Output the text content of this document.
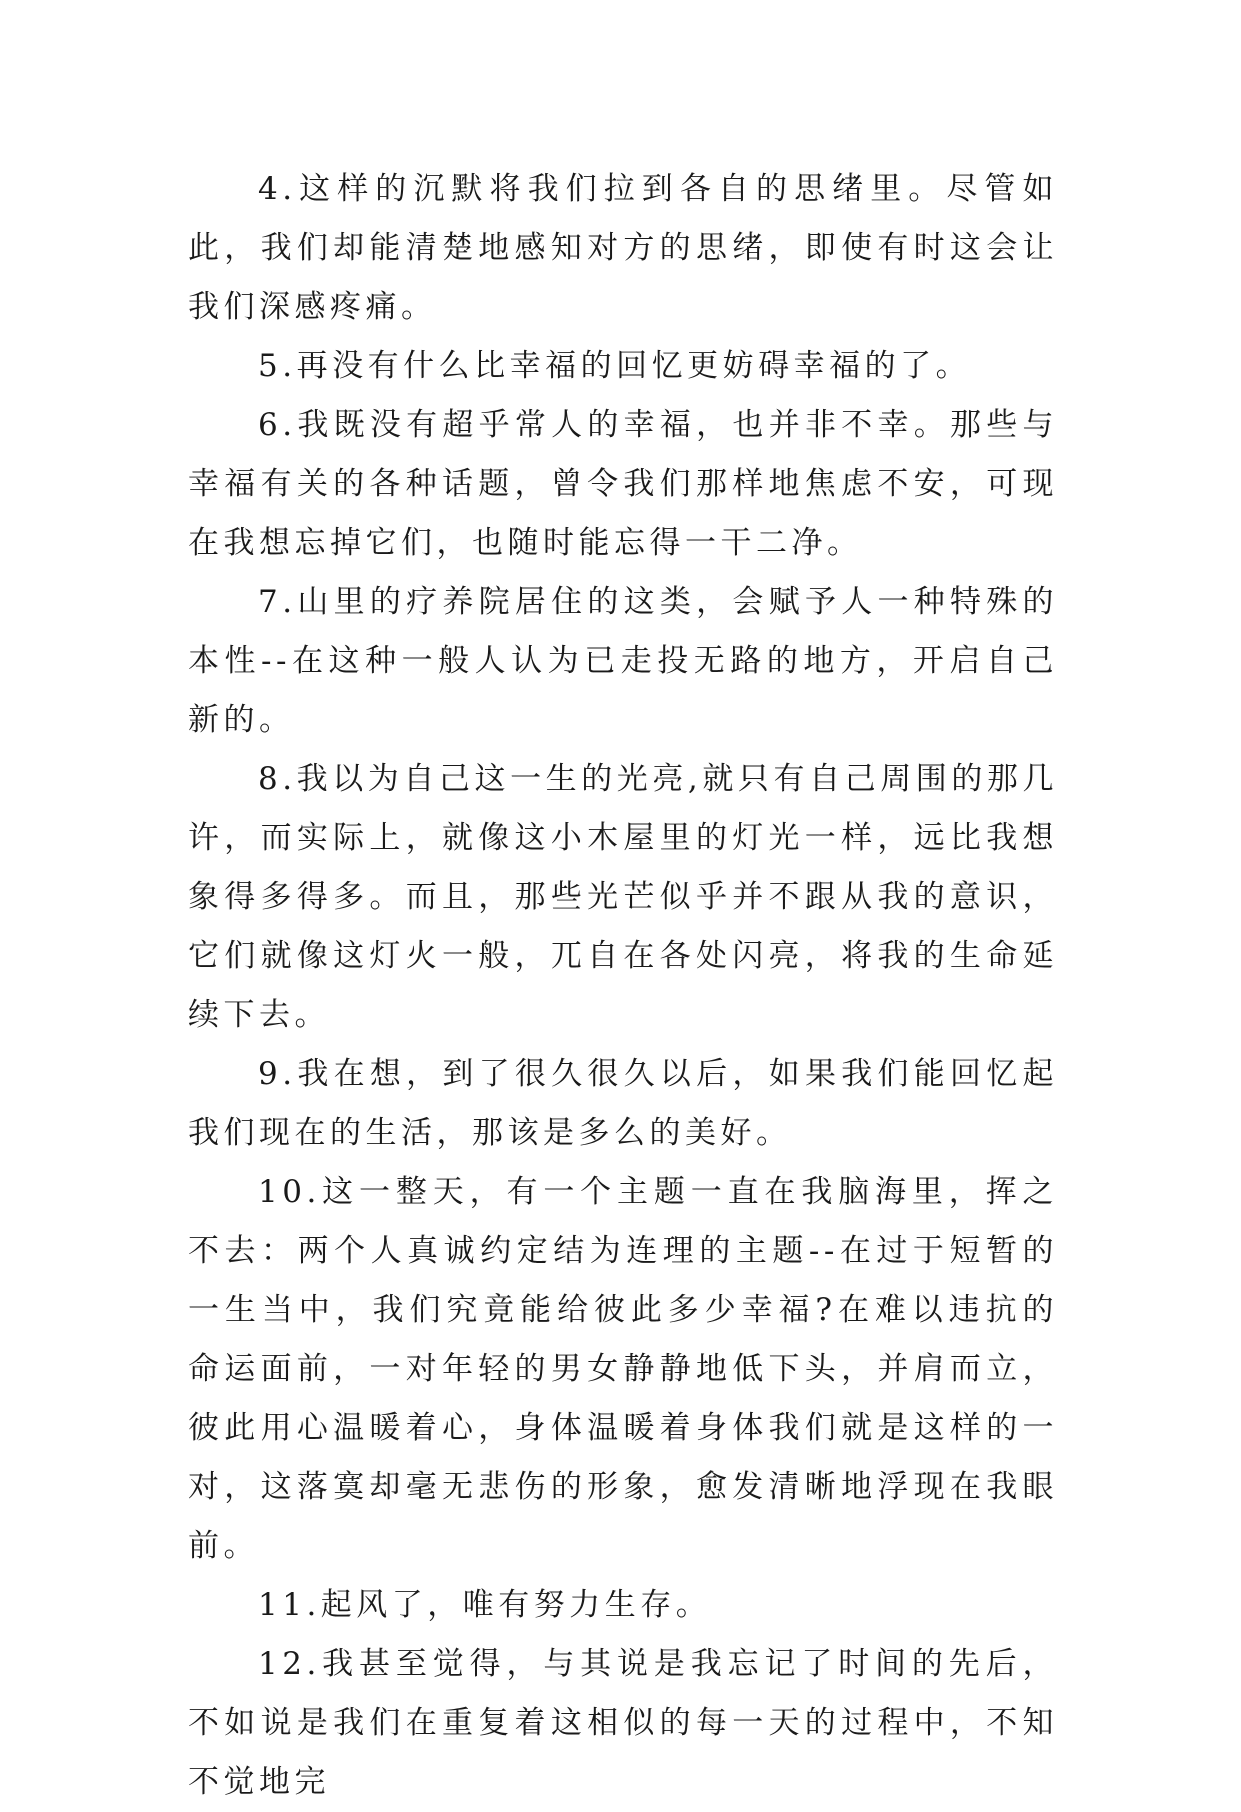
4.这样的沉默将我们拉到各自的思绪里。尽管如此，我们却能清楚地感知对方的思绪，即使有时这会让我们深感疼痛。

5.再没有什么比幸福的回忆更妨碍幸福的了。

6.我既没有超乎常人的幸福，也并非不幸。那些与幸福有关的各种话题，曾令我们那样地焦虑不安，可现在我想忘掉它们，也随时能忘得一干二净。

7.山里的疗养院居住的这类，会赋予人一种特殊的本性--在这种一般人认为已走投无路的地方，开启自己新的。

8.我以为自己这一生的光亮,就只有自己周围的那几许，而实际上，就像这小木屋里的灯光一样，远比我想象得多得多。而且，那些光芒似乎并不跟从我的意识，它们就像这灯火一般，兀自在各处闪亮，将我的生命延续下去。

9.我在想，到了很久很久以后，如果我们能回忆起我们现在的生活，那该是多么的美好。

10.这一整天，有一个主题一直在我脑海里，挥之不去：两个人真诚约定结为连理的主题--在过于短暂的一生当中，我们究竟能给彼此多少幸福?在难以违抗的命运面前，一对年轻的男女静静地低下头，并肩而立，彼此用心温暖着心，身体温暖着身体我们就是这样的一对，这落寞却毫无悲伤的形象，愈发清晰地浮现在我眼前。

11.起风了，唯有努力生存。

12.我甚至觉得，与其说是我忘记了时间的先后，不如说是我们在重复着这相似的每一天的过程中，不知不觉地完
